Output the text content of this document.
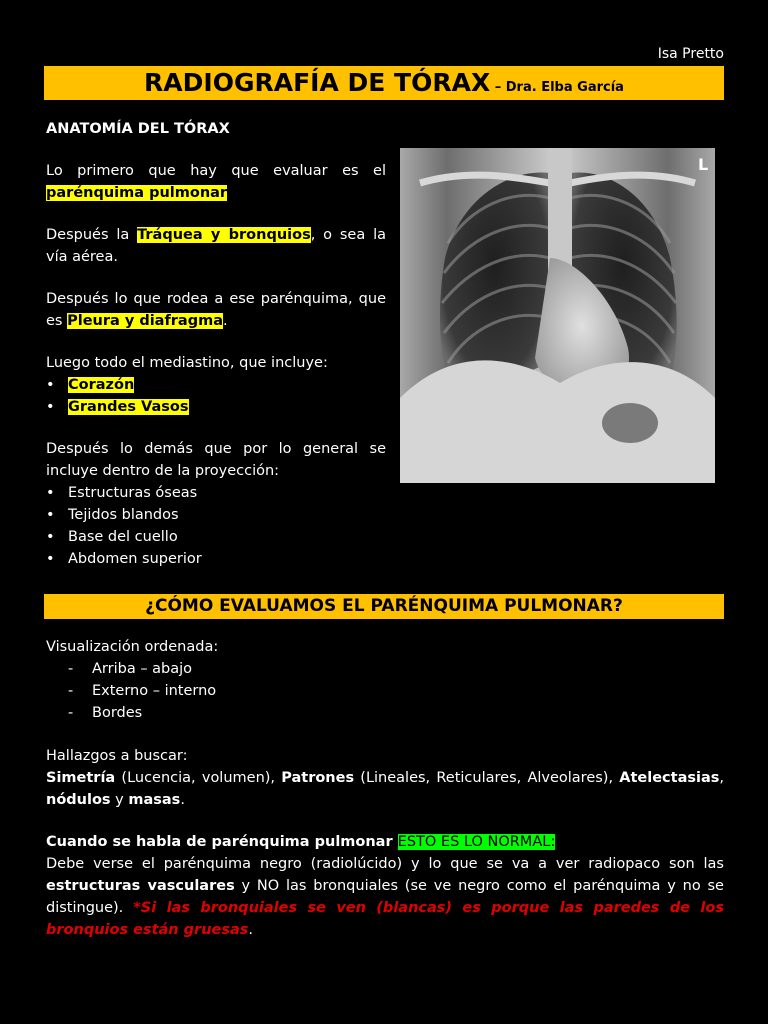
Isa Pretto
RADIOGRAFÍA DE TÓRAX – Dra. Elba García
ANATOMÍA DEL TÓRAX
Lo primero que hay que evaluar es el parénquima pulmonar
Después la Tráquea y bronquios, o sea la vía aérea.
Después lo que rodea a ese parénquima, que es Pleura y diafragma.
Luego todo el mediastino, que incluye:
• Corazón
• Grandes Vasos
Después lo demás que por lo general se incluye dentro de la proyección:
• Estructuras óseas
• Tejidos blandos
• Base del cuello
• Abdomen superior
L
¿CÓMO EVALUAMOS EL PARÉNQUIMA PULMONAR?
Visualización ordenada:
- Arriba – abajo
- Externo – interno
- Bordes
Hallazgos a buscar:
Simetría (Lucencia, volumen), Patrones (Lineales, Reticulares, Alveolares), Atelectasias, nódulos y masas.
Cuando se habla de parénquima pulmonar ESTO ES LO NORMAL:
Debe verse el parénquima negro (radiolúcido) y lo que se va a ver radiopaco son las estructuras vasculares y NO las bronquiales (se ve negro como el parénquima y no se distingue). *Si las bronquiales se ven (blancas) es porque las paredes de los bronquios están gruesas.
